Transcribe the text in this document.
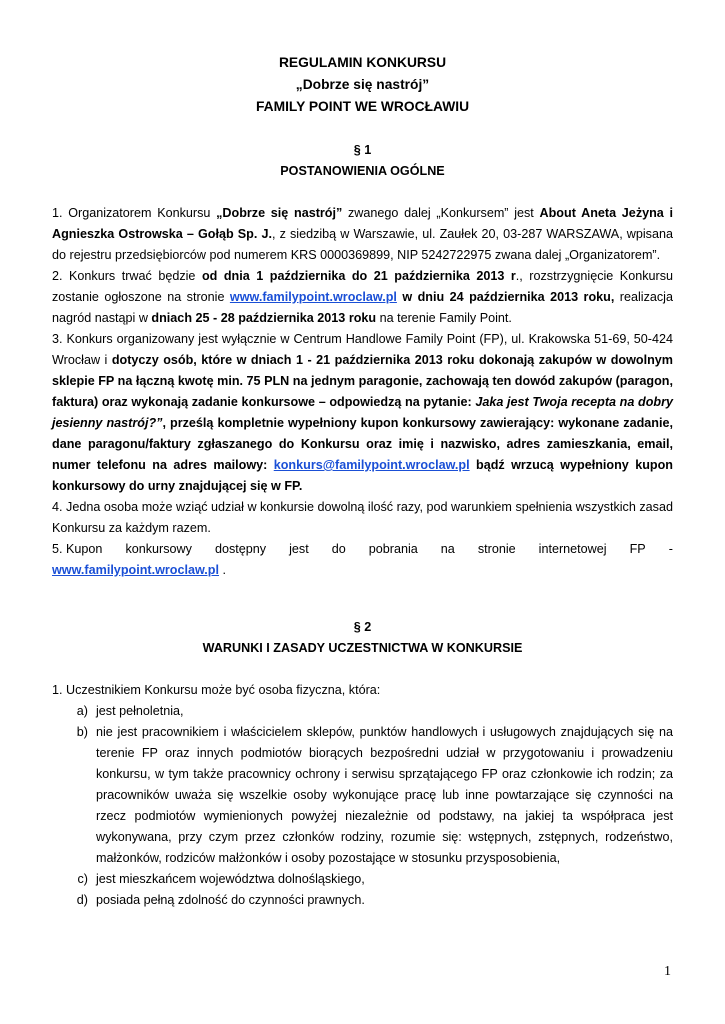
REGULAMIN KONKURSU
„Dobrze się nastrój”
FAMILY POINT WE WROCŁAWIU
§ 1
POSTANOWIENIA OGÓLNE
1. Organizatorem Konkursu „Dobrze się nastrój” zwanego dalej „Konkursem” jest About Aneta Jeżyna i Agnieszka Ostrowska – Gołąb Sp. J., z siedzibą w Warszawie, ul. Zaułek 20, 03-287 WARSZAWA, wpisana do rejestru przedsiębiorców pod numerem KRS 0000369899, NIP 5242722975 zwana dalej „Organizatorem”.
2. Konkurs trwać będzie od dnia 1 października do 21 października 2013 r., rozstrzygnięcie Konkursu zostanie ogłoszone na stronie www.familypoint.wroclaw.pl w dniu 24 października 2013 roku, realizacja nagród nastąpi w dniach 25 - 28 października 2013 roku na terenie Family Point.
3. Konkurs organizowany jest wyłącznie w Centrum Handlowe Family Point (FP), ul. Krakowska 51-69, 50-424 Wrocław i dotyczy osób, które w dniach 1 - 21 października 2013 roku dokonają zakupów w dowolnym sklepie FP na łączną kwotę min. 75 PLN na jednym paragonie, zachowają ten dowód zakupów (paragon, faktura) oraz wykonają zadanie konkursowe – odpowiedzą na pytanie: Jaka jest Twoja recepta na dobry jesienny nastrój?”, prześlą kompletnie wypełniony kupon konkursowy zawierający: wykonane zadanie, dane paragonu/faktury zgłaszanego do Konkursu oraz imię i nazwisko, adres zamieszkania, email, numer telefonu na adres mailowy: konkurs@familypoint.wroclaw.pl bądź wrzucą wypełniony kupon konkursowy do urny znajdującej się w FP.
4. Jedna osoba może wziąć udział w konkursie dowolną ilość razy, pod warunkiem spełnienia wszystkich zasad Konkursu za każdym razem.
5. Kupon konkursowy dostępny jest do pobrania na stronie internetowej FP -
www.familypoint.wroclaw.pl .
§ 2
WARUNKI I ZASADY UCZESTNICTWA W KONKURSIE
1. Uczestnikiem Konkursu może być osoba fizyczna, która:
a) jest pełnoletnia,
b) nie jest pracownikiem i właścicielem sklepów, punktów handlowych i usługowych znajdujących się na terenie FP oraz innych podmiotów biorących bezpośredni udział w przygotowaniu i prowadzeniu konkursu, w tym także pracownicy ochrony i serwisu sprzątającego FP oraz członkowie ich rodzin; za pracowników uważa się wszelkie osoby wykonujące pracę lub inne powtarzające się czynności na rzecz podmiotów wymienionych powyżej niezależnie od podstawy, na jakiej ta współpraca jest wykonywana, przy czym przez członków rodziny, rozumie się: wstępnych, zstępnych, rodzeństwo, małżonków, rodziców małżonków i osoby pozostające w stosunku przysposobienia,
c) jest mieszkańcem województwa dolnośląskiego,
d) posiada pełną zdolność do czynności prawnych.
1
